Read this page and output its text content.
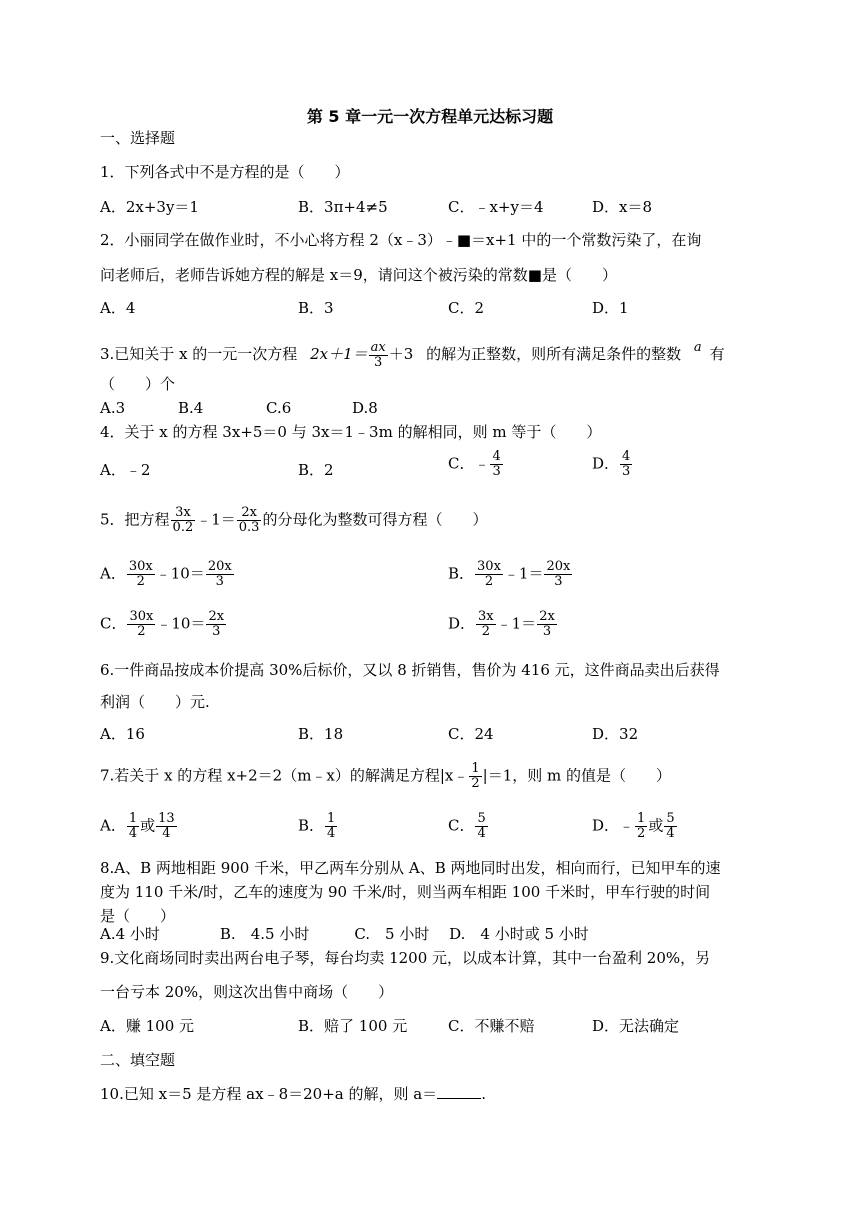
第 5 章一元一次方程单元达标习题
一、选择题
1．下列各式中不是方程的是（　　）
A．2x+3y＝1	B．3π+4≠5	C．﹣x+y＝4	D．x＝8
2．小丽同学在做作业时，不小心将方程 2（x﹣3）﹣■＝x+1 中的一个常数污染了，在询
问老师后，老师告诉她方程的解是 x＝9，请问这个被污染的常数■是（　　）
A．4	B．3	C．2	D．1
3.已知关于 x 的一元一次方程 $2x+1= \frac{ax}{3} +3$ 的解为正整数，则所有满足条件的整数 a 有
（　　）个
A.3	B.4	C.6	D.8
4．关于 x 的方程 3x+5＝0 与 3x＝1﹣3m 的解相同，则 m 等于（　　）
A．﹣2	B．2	C．﹣ $\frac{4}{3}$	D． $\frac{4}{3}$
5．把方程 $\frac{3x}{0.2}$ ﹣1＝ $\frac{2x}{0.3}$ 的分母化为整数可得方程（　　）
A． $\frac{30x}{2}$ ﹣10＝ $\frac{20x}{3}$	B． $\frac{30x}{2}$ ﹣1＝ $\frac{20x}{3}$
C． $\frac{30x}{2}$ ﹣10＝ $\frac{2x}{3}$	D． $\frac{3x}{2}$ ﹣1＝ $\frac{2x}{3}$
6.一件商品按成本价提高 30%后标价，又以 8 折销售，售价为 416 元，这件商品卖出后获得
利润（　　）元.
A．16	B．18	C．24	D．32
7.若关于 x 的方程 x+2＝2（m﹣x）的解满足方程|x﹣ $\frac{1}{2} |=1$，则 m 的值是（　　）
A． $\frac{1}{4}$ 或 $\frac{13}{4}$	B． $\frac{1}{4}$	C． $\frac{5}{4}$	D．﹣ $\frac{1}{2}$ 或 $\frac{5}{4}$
8.A、B 两地相距 900 千米，甲乙两车分别从 A、B 两地同时出发，相向而行，已知甲车的速
度为 110 千米/时，乙车的速度为 90 千米/时，则当两车相距 100 千米时，甲车行驶的时间
是（　　）
A.4 小时　　　　B.　4.5 小时　　　C.　5 小时　 D.　4 小时或 5 小时
9.文化商场同时卖出两台电子琴，每台均卖 1200 元，以成本计算，其中一台盈利 20%，另
一台亏本 20%，则这次出售中商场（　　）
A．赚 100 元	B．赔了 100 元	C．不赚不赔	D．无法确定
二、填空题
10.已知 x＝5 是方程 ax﹣8＝20+a 的解，则 a＝	.
